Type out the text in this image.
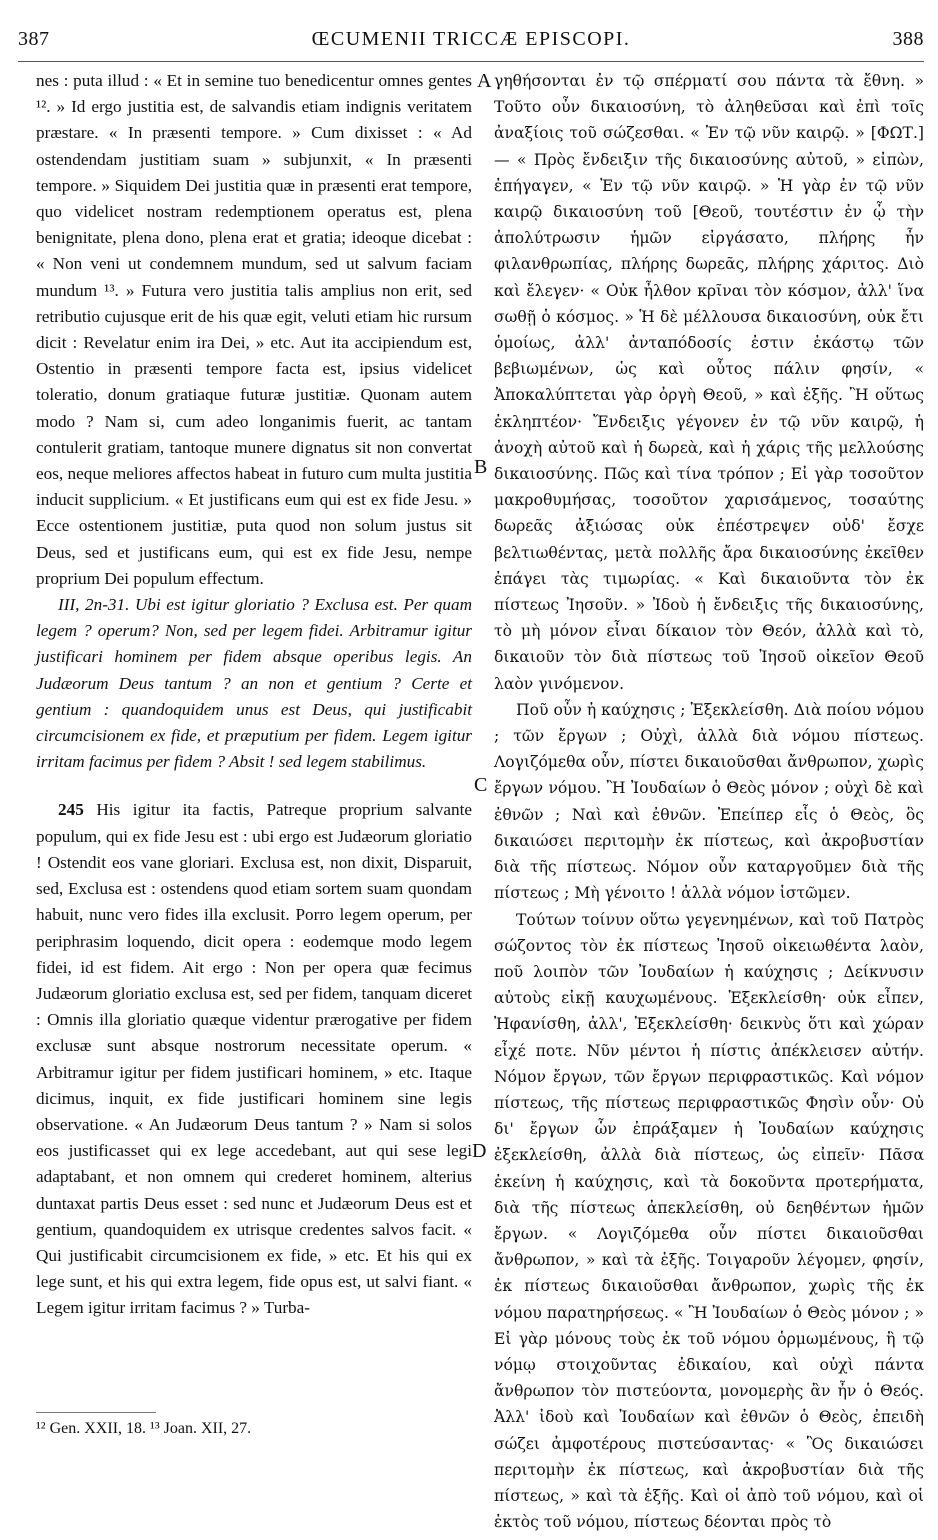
387	ŒCUMENII TRICCÆ EPISCOPI.	388

nes : puta illud : « Et in semine tuo benedicentur omnes gentes ¹². » Id ergo justitia est, de salvandis etiam indignis veritatem præstare. « In præsenti tempore. » Cum dixisset : « Ad ostendendam justitiam suam » subjunxit, « In præsenti tempore. » Siquidem Dei justitia quæ in præsenti erat tempore, quo videlicet nostram redemptionem operatus est, plena benignitate, plena dono, plena erat et gratia; ideoque dicebat : « Non veni ut condemnem mundum, sed ut salvum faciam mundum ¹³. » Futura vero justitia talis amplius non erit, sed retributio cujusque erit de his quæ egit, veluti etiam hic rursum dicit : Revelatur enim ira Dei, » etc. Aut ita accipiendum est, Ostentio in præsenti tempore facta est, ipsius videlicet toleratio, donum gratiaque futuræ justitiæ. Quonam autem modo ? Nam si, cum adeo longanimis fuerit, ac tantam contulerit gratiam, tantoque munere dignatus sit non convertat eos, neque meliores affectos habeat in futuro cum multa justitia inducit supplicium. « Et justificans eum qui est ex fide Jesu. » Ecce ostentionem justitiæ, puta quod non solum justus sit Deus, sed et justificans eum, qui est ex fide Jesu, nempe proprium Dei populum effectum.

III, 2n-31. Ubi est igitur gloriatio ? Exclusa est. Per quam legem ? operum? Non, sed per legem fidei. Arbitramur igitur justificari hominem per fidem absque operibus legis. An Judæorum Deus tantum ? an non et gentium ? Certe et gentium : quandoquidem unus est Deus, qui justificabit circumcisionem ex fide, et præputium per fidem. Legem igitur irritam facimus per fidem ? Absit ! sed legem stabilimus.

245 His igitur ita factis, Patreque proprium salvante populum, qui ex fide Jesu est : ubi ergo est Judæorum gloriatio ! Ostendit eos vane gloriari. Exclusa est, non dixit, Disparuit, sed, Exclusa est : ostendens quod etiam sortem suam quondam habuit, nunc vero fides illa exclusit. Porro legem operum, per periphrasim loquendo, dicit opera : eodemque modo legem fidei, id est fidem. Ait ergo : Non per opera quæ fecimus Judæorum gloriatio exclusa est, sed per fidem, tanquam diceret : Omnis illa gloriatio quæque videntur prærogative per fidem exclusæ sunt absque nostrorum necessitate operum. « Arbitramur igitur per fidem justificari hominem, » etc. Itaque dicimus, inquit, ex fide justificari hominem sine legis observatione. « An Judæorum Deus tantum ? » Nam si solos eos justificasset qui ex lege accedebant, aut qui sese legi adaptabant, et non omnem qui crederet hominem, alterius duntaxat partis Deus esset : sed nunc et Judæorum Deus est et gentium, quandoquidem ex utrisque credentes salvos facit. « Qui justificabit circumcisionem ex fide, » etc. Et his qui ex lege sunt, et his qui extra legem, fide opus est, ut salvi fiant. « Legem igitur irritam facimus ? » Turba-

A
B
C
D

γηθήσονται ἐν τῷ σπέρματί σου πάντα τὰ ἔθνη. » Τοῦτο οὖν δικαιοσύνη, τὸ ἀληθεῦσαι καὶ ἐπὶ τοῖς ἀναξίοις τοῦ σώζεσθαι. « Ἐν τῷ νῦν καιρῷ. » [ΦΩΤ.] — « Πρὸς ἔνδειξιν τῆς δικαιοσύνης αὐτοῦ, » εἰπὼν, ἐπήγαγεν, « Ἐν τῷ νῦν καιρῷ. » Ἡ γὰρ ἐν τῷ νῦν καιρῷ δικαιοσύνη τοῦ [Θεοῦ, τουτέστιν ἐν ᾧ τὴν ἀπολύτρωσιν ἡμῶν εἰργάσατο, πλήρης ἦν φιλανθρωπίας, πλήρης δωρεᾶς, πλήρης χάριτος. Διὸ καὶ ἔλεγεν· « Οὐκ ἦλθον κρῖναι τὸν κόσμον, ἀλλ' ἵνα σωθῇ ὁ κόσμος. » Ἡ δὲ μέλλουσα δικαιοσύνη, οὐκ ἔτι ὁμοίως, ἀλλ' ἀνταπόδοσίς ἐστιν ἑκάστῳ τῶν βεβιωμένων, ὡς καὶ οὗτος πάλιν φησίν, « Ἀποκαλύπτεται γὰρ ὀργὴ Θεοῦ, » καὶ ἑξῆς. Ἢ οὕτως ἐκληπτέον· Ἔνδειξις γέγονεν ἐν τῷ νῦν καιρῷ, ἡ ἀνοχὴ αὐτοῦ καὶ ἡ δωρεὰ, καὶ ἡ χάρις τῆς μελλούσης δικαιοσύνης. Πῶς καὶ τίνα τρόπον ; Εἰ γὰρ τοσοῦτον μακροθυμήσας, τοσοῦτον χαρισάμενος, τοσαύτης δωρεᾶς ἀξιώσας οὐκ ἐπέστρεψεν οὐδ' ἔσχε βελτιωθέντας, μετὰ πολλῆς ἄρα δικαιοσύνης ἐκεῖθεν ἐπάγει τὰς τιμωρίας. « Καὶ δικαιοῦντα τὸν ἐκ πίστεως Ἰησοῦν. » Ἰδοὺ ἡ ἔνδειξις τῆς δικαιοσύνης, τὸ μὴ μόνον εἶναι δίκαιον τὸν Θεόν, ἀλλὰ καὶ τὸ, δικαιοῦν τὸν διὰ πίστεως τοῦ Ἰησοῦ οἰκεῖον Θεοῦ λαὸν γινόμενον.

Ποῦ οὖν ἡ καύχησις ; Ἐξεκλείσθη. Διὰ ποίου νόμου ; τῶν ἔργων ; Οὐχὶ, ἀλλὰ διὰ νόμου πίστεως. Λογιζόμεθα οὖν, πίστει δικαιοῦσθαι ἄνθρωπον, χωρὶς ἔργων νόμου. Ἢ Ἰουδαίων ὁ Θεὸς μόνον ; οὐχὶ δὲ καὶ ἐθνῶν ; Ναὶ καὶ ἐθνῶν. Ἐπείπερ εἷς ὁ Θεὸς, ὃς δικαιώσει περιτομὴν ἐκ πίστεως, καὶ ἀκροβυστίαν διὰ τῆς πίστεως. Νόμον οὖν καταργοῦμεν διὰ τῆς πίστεως ; Μὴ γένοιτο ! ἀλλὰ νόμον ἱστῶμεν.

Τούτων τοίνυν οὕτω γεγενημένων, καὶ τοῦ Πατρὸς σώζοντος τὸν ἐκ πίστεως Ἰησοῦ οἰκειωθέντα λαὸν, ποῦ λοιπὸν τῶν Ἰουδαίων ἡ καύχησις ; Δείκνυσιν αὐτοὺς εἰκῇ καυχωμένους. Ἐξεκλείσθη· οὐκ εἶπεν, Ἠφανίσθη, ἀλλ', Ἐξεκλείσθη· δεικνὺς ὅτι καὶ χώραν εἶχέ ποτε. Νῦν μέντοι ἡ πίστις ἀπέκλεισεν αὐτήν. Νόμον ἔργων, τῶν ἔργων περιφραστικῶς. Καὶ νόμον πίστεως, τῆς πίστεως περιφραστικῶς Φησὶν οὖν· Οὐ δι' ἔργων ὧν ἐπράξαμεν ἡ Ἰουδαίων καύχησις ἐξεκλείσθη, ἀλλὰ διὰ πίστεως, ὡς εἰπεῖν· Πᾶσα ἐκείνη ἡ καύχησις, καὶ τὰ δοκοῦντα προτερήματα, διὰ τῆς πίστεως ἀπεκλείσθη, οὐ δεηθέντων ἡμῶν ἔργων. « Λογιζόμεθα οὖν πίστει δικαιοῦσθαι ἄνθρωπον, » καὶ τὰ ἑξῆς. Τοιγαροῦν λέγομεν, φησίν, ἐκ πίστεως δικαιοῦσθαι ἄνθρωπον, χωρὶς τῆς ἐκ νόμου παρατηρήσεως. « Ἢ Ἰουδαίων ὁ Θεὸς μόνον ; » Εἰ γὰρ μόνους τοὺς ἐκ τοῦ νόμου ὁρμωμένους, ἢ τῷ νόμῳ στοιχοῦντας ἐδικαίου, καὶ οὐχὶ πάντα ἄνθρωπον τὸν πιστεύοντα, μονομερὴς ἂν ἦν ὁ Θεός. Ἀλλ' ἰδοὺ καὶ Ἰουδαίων καὶ ἐθνῶν ὁ Θεὸς, ἐπειδὴ σώζει ἀμφοτέρους πιστεύσαντας· « Ὃς δικαιώσει περιτομὴν ἐκ πίστεως, καὶ ἀκροβυστίαν διὰ τῆς πίστεως, » καὶ τὰ ἑξῆς. Καὶ οἱ ἀπὸ τοῦ νόμου, καὶ οἱ ἐκτὸς τοῦ νόμου, πίστεως δέονται πρὸς τὸ

¹² Gen. XXII, 18. ¹³ Joan. XII, 27.
